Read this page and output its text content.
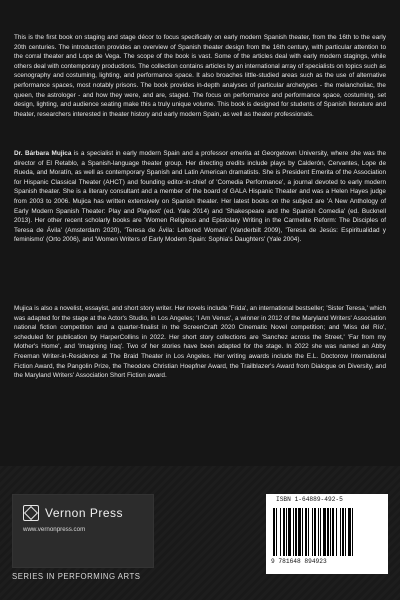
This is the first book on staging and stage décor to focus specifically on early modern Spanish theater, from the 16th to the early 20th centuries. The introduction provides an overview of Spanish theater design from the 16th century, with particular attention to the corral theater and Lope de Vega. The scope of the book is vast. Some of the articles deal with early modern stagings, while others deal with contemporary productions. The collection contains articles by an international array of specialists on topics such as scenography and costuming, lighting, and performance space. It also broaches little-studied areas such as the use of alternative performance spaces, most notably prisons. The book provides in-depth analyses of particular archetypes - the melancholiac, the queen, the astrologer - and how they were, and are, staged. The focus on performance and performance space, costuming, set design, lighting, and audience seating make this a truly unique volume. This book is designed for students of Spanish literature and theater, researchers interested in theater history and early modern Spain, as well as theater professionals.
Dr. Bárbara Mujica is a specialist in early modern Spain and a professor emerita at Georgetown University, where she was the director of El Retablo, a Spanish-language theater group. Her directing credits include plays by Calderón, Cervantes, Lope de Rueda, and Moratín, as well as contemporary Spanish and Latin American dramatists. She is President Emerita of the Association for Hispanic Classical Theater (AHCT) and founding editor-in-chief of 'Comedia Performance', a journal devoted to early modern Spanish theater. She is a literary consultant and a member of the board of GALA Hispanic Theater and was a Helen Hayes judge from 2003 to 2006. Mujica has written extensively on Spanish theater. Her latest books on the subject are 'A New Anthology of Early Modern Spanish Theater: Play and Playtext' (ed. Yale 2014) and 'Shakespeare and the Spanish Comedia' (ed. Bucknell 2013). Her other recent scholarly books are 'Women Religious and Epistolary Writing in the Carmelite Reform: The Disciples of Teresa de Ávila' (Amsterdam 2020), 'Teresa de Ávila: Lettered Woman' (Vanderbilt 2009), 'Teresa de Jesús: Espiritualidad y feminismo' (Orto 2006), and 'Women Writers of Early Modern Spain: Sophia's Daughters' (Yale 2004).
Mujica is also a novelist, essayist, and short story writer. Her novels include 'Frida', an international bestseller; 'Sister Teresa,' which was adapted for the stage at the Actor's Studio, in Los Angeles; 'I Am Venus', a winner in 2012 of the Maryland Writers' Association national fiction competition and a quarter-finalist in the ScreenCraft 2020 Cinematic Novel competition; and 'Miss del Río', scheduled for publication by HarperCollins in 2022. Her short story collections are 'Sanchez across the Street,' 'Far from my Mother's Home', and 'Imagining Iraq'. Two of her stories have been adapted for the stage. In 2022 she was named an Abby Freeman Writer-in-Residence at The Braid Theater in Los Angeles. Her writing awards include the E.L. Doctorow International Fiction Award, the Pangolin Prize, the Theodore Christian Hoepfner Award, the Trailblazer's Award from Dialogue on Diversity, and the Maryland Writers' Association Short Fiction award.
Vernon Press
www.vernonpress.com
SERIES IN PERFORMING ARTS
ISBN 1-64889-492-5
9 781648 894923
